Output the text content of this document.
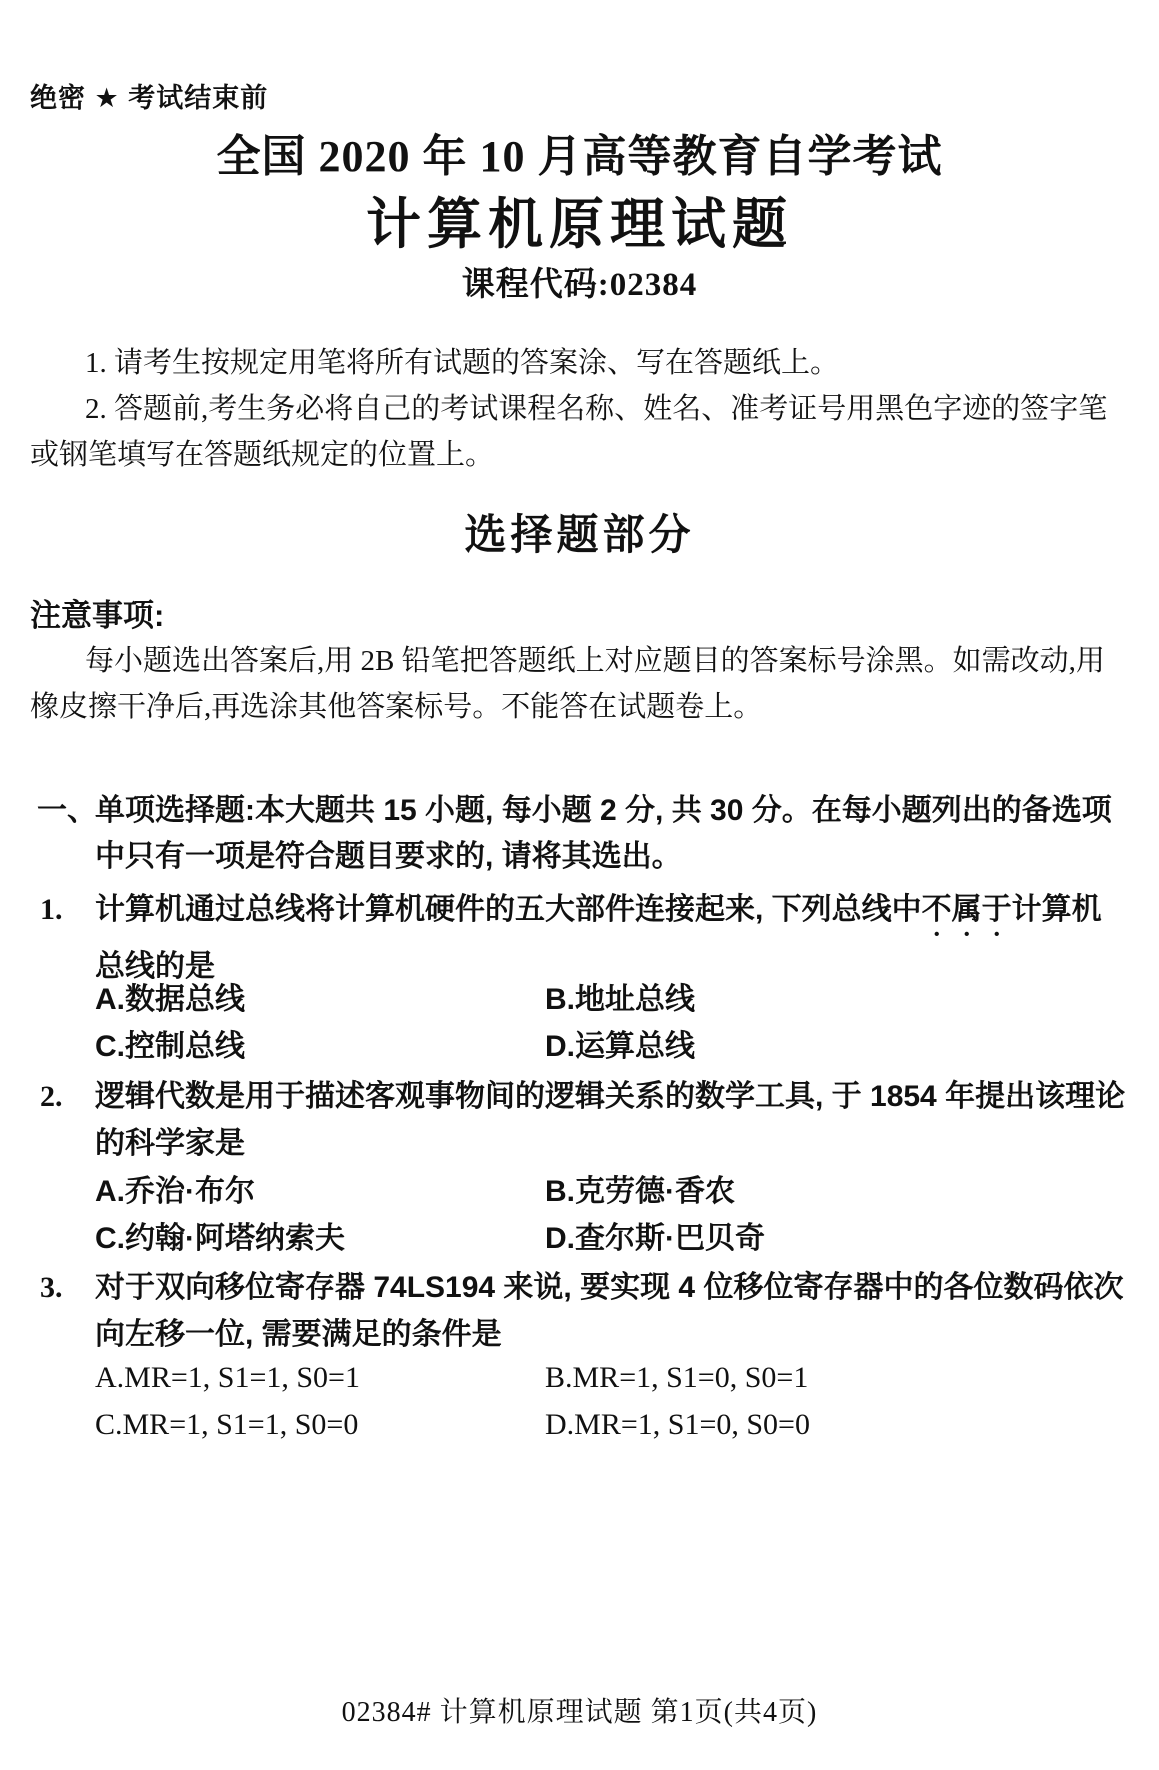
绝密 ★ 考试结束前
全国 2020 年 10 月高等教育自学考试
计算机原理试题
课程代码:02384
1. 请考生按规定用笔将所有试题的答案涂、写在答题纸上。
2. 答题前,考生务必将自己的考试课程名称、姓名、准考证号用黑色字迹的签字笔或钢笔填写在答题纸规定的位置上。
选择题部分
注意事项:
每小题选出答案后,用 2B 铅笔把答题纸上对应题目的答案标号涂黑。如需改动,用橡皮擦干净后,再选涂其他答案标号。不能答在试题卷上。
一、单项选择题:本大题共 15 小题, 每小题 2 分, 共 30 分。在每小题列出的备选项中只有一项是符合题目要求的, 请将其选出。
1. 计算机通过总线将计算机硬件的五大部件连接起来, 下列总线中不属于计算机总线的是
A.数据总线	B.地址总线
C.控制总线	D.运算总线
2. 逻辑代数是用于描述客观事物间的逻辑关系的数学工具, 于 1854 年提出该理论的科学家是
A.乔治·布尔	B.克劳德·香农
C.约翰·阿塔纳索夫	D.查尔斯·巴贝奇
3. 对于双向移位寄存器 74LS194 来说, 要实现 4 位移位寄存器中的各位数码依次向左移一位, 需要满足的条件是
A.MR=1, S1=1, S0=1	B.MR=1, S1=0, S0=1
C.MR=1, S1=1, S0=0	D.MR=1, S1=0, S0=0
02384# 计算机原理试题 第1页(共4页)
